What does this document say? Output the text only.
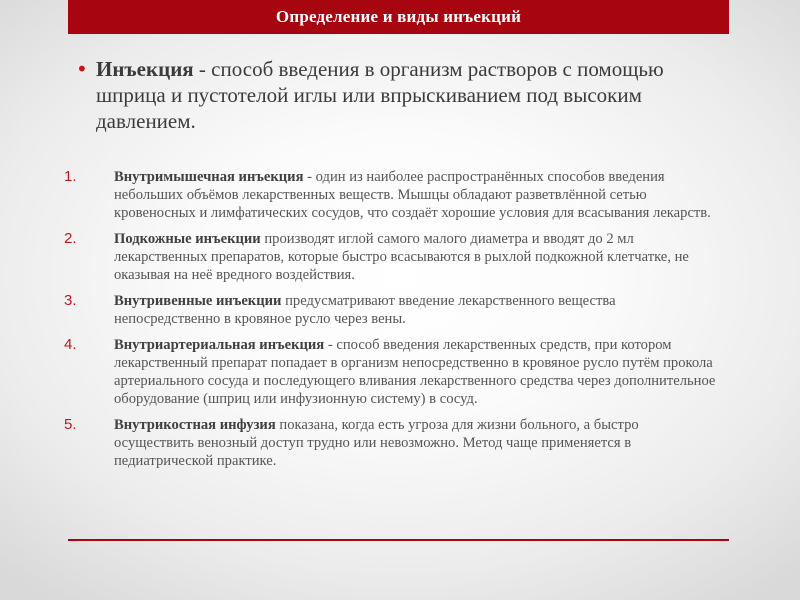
Определение и виды инъекций
• Инъекция - способ введения в организм растворов с помощью шприца и пустотелой иглы или впрыскиванием под высоким давлением.
1.	Внутримышечная инъекция - один из наиболее распространённых способов введения небольших объёмов лекарственных веществ. Мышцы обладают разветвлённой сетью кровеносных и лимфатических сосудов, что создаёт хорошие условия для всасывания лекарств.
2.	Подкожные инъекции производят иглой самого малого диаметра и вводят до 2 мл лекарственных препаратов, которые быстро всасываются в рыхлой подкожной клетчатке, не оказывая на неё вредного воздействия.
3.	Внутривенные инъекции предусматривают введение лекарственного вещества непосредственно в кровяное русло через вены.
4.	Внутриартериальная инъекция - способ введения лекарственных средств, при котором лекарственный препарат попадает в организм непосредственно в кровяное русло путём прокола артериального сосуда и последующего вливания лекарственного средства через дополнительное оборудование (шприц или инфузионную систему) в сосуд.
5.	Внутрикостная инфузия показана, когда есть угроза для жизни больного, а быстро осуществить венозный доступ трудно или невозможно. Метод чаще применяется в педиатрической практике.
